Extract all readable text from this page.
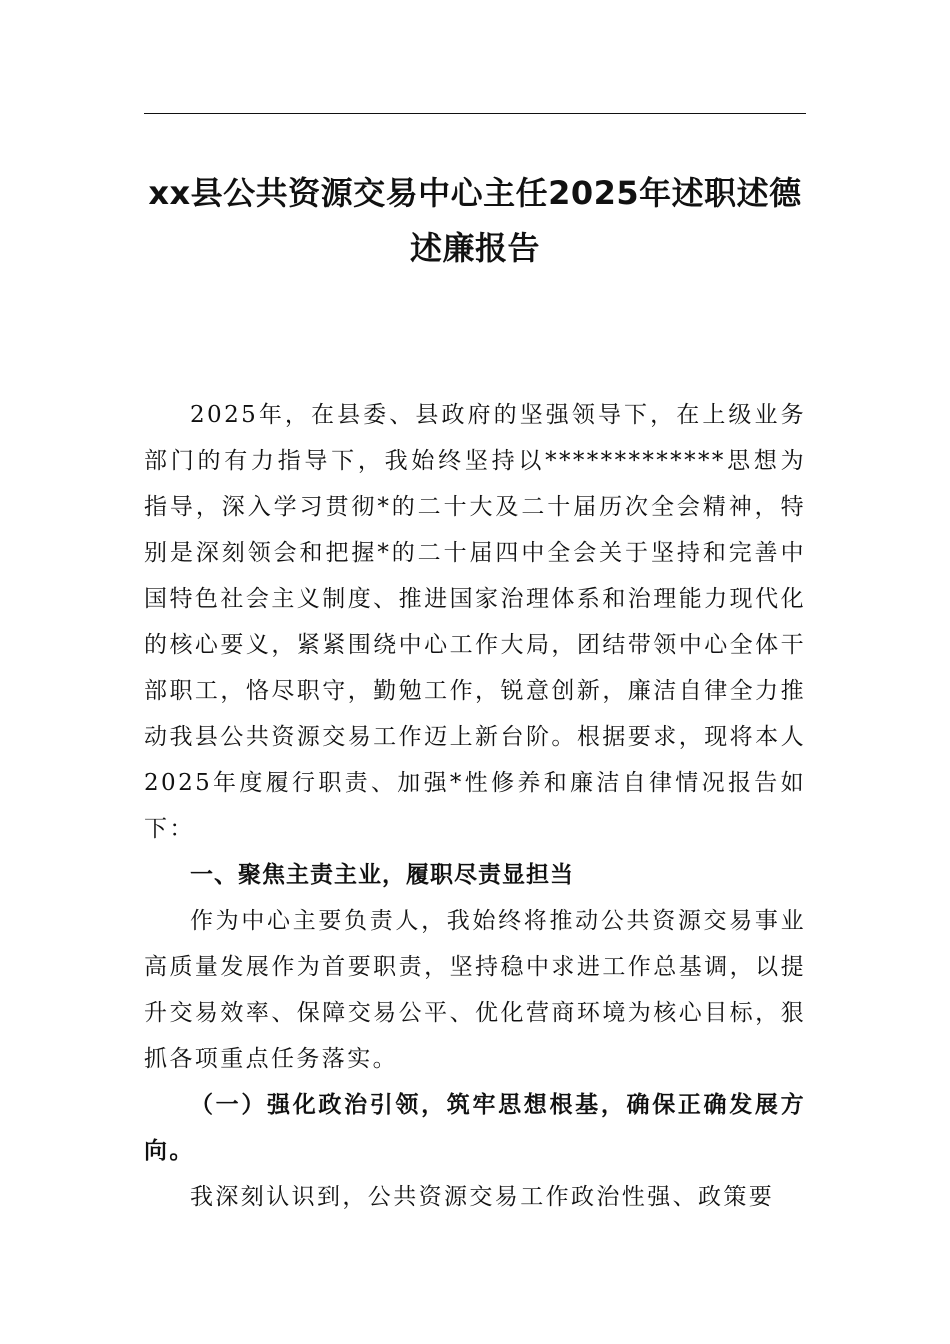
xx县公共资源交易中心主任2025年述职述德述廉报告

2025年，在县委、县政府的坚强领导下，在上级业务部门的有力指导下，我始终坚持以*************思想为指导，深入学习贯彻*的二十大及二十届历次全会精神，特别是深刻领会和把握*的二十届四中全会关于坚持和完善中国特色社会主义制度、推进国家治理体系和治理能力现代化的核心要义，紧紧围绕中心工作大局，团结带领中心全体干部职工，恪尽职守，勤勉工作，锐意创新，廉洁自律全力推动我县公共资源交易工作迈上新台阶。根据要求，现将本人2025年度履行职责、加强*性修养和廉洁自律情况报告如下：

一、聚焦主责主业，履职尽责显担当

作为中心主要负责人，我始终将推动公共资源交易事业高质量发展作为首要职责，坚持稳中求进工作总基调，以提升交易效率、保障交易公平、优化营商环境为核心目标，狠抓各项重点任务落实。

（一）强化政治引领，筑牢思想根基，确保正确发展方向。

我深刻认识到，公共资源交易工作政治性强、政策要
